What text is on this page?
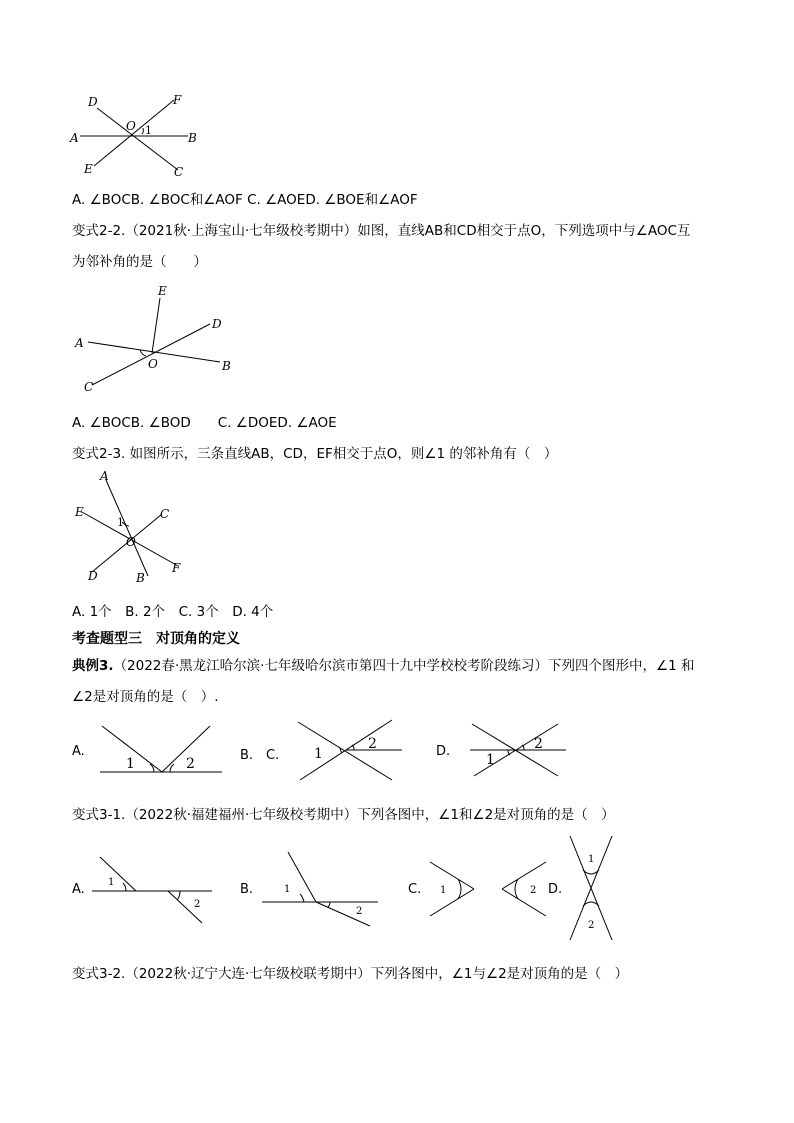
D	F
O 1
A	B
E	C
A. ∠BOCB. ∠BOC和∠AOF C. ∠AOED. ∠BOE和∠AOF
变式2-2.（2021秋·上海宝山·七年级校考期中）如图，直线AB和CD相交于点O，下列选项中与∠AOC互
为邻补角的是（　　）
E
D
A
O	B
C
A. ∠BOCB. ∠BOD　　C. ∠DOED. ∠AOE
变式2-3. 如图所示，三条直线AB，CD，EF相交于点O，则∠1 的邻补角有（　）
A
E
1
C
O
D	B
F
A. 1个　B. 2个　C. 3个　D. 4个
考查题型三　对顶角的定义
典例3.（2022春·黑龙江哈尔滨·七年级哈尔滨市第四十九中学校校考阶段练习）下列四个图形中，∠1 和
∠2是对顶角的是（　）.
A.
1	2
B.　C. 1
2	D.
1
2
变式3-1.（2022秋·福建福州·七年级校考期中）下列各图中，∠1和∠2是对顶角的是（　）
A. 1
2
B.	1
2
C. 1	2 D.
1
2
变式3-2.（2022秋·辽宁大连·七年级校联考期中）下列各图中，∠1与∠2是对顶角的是（　）
